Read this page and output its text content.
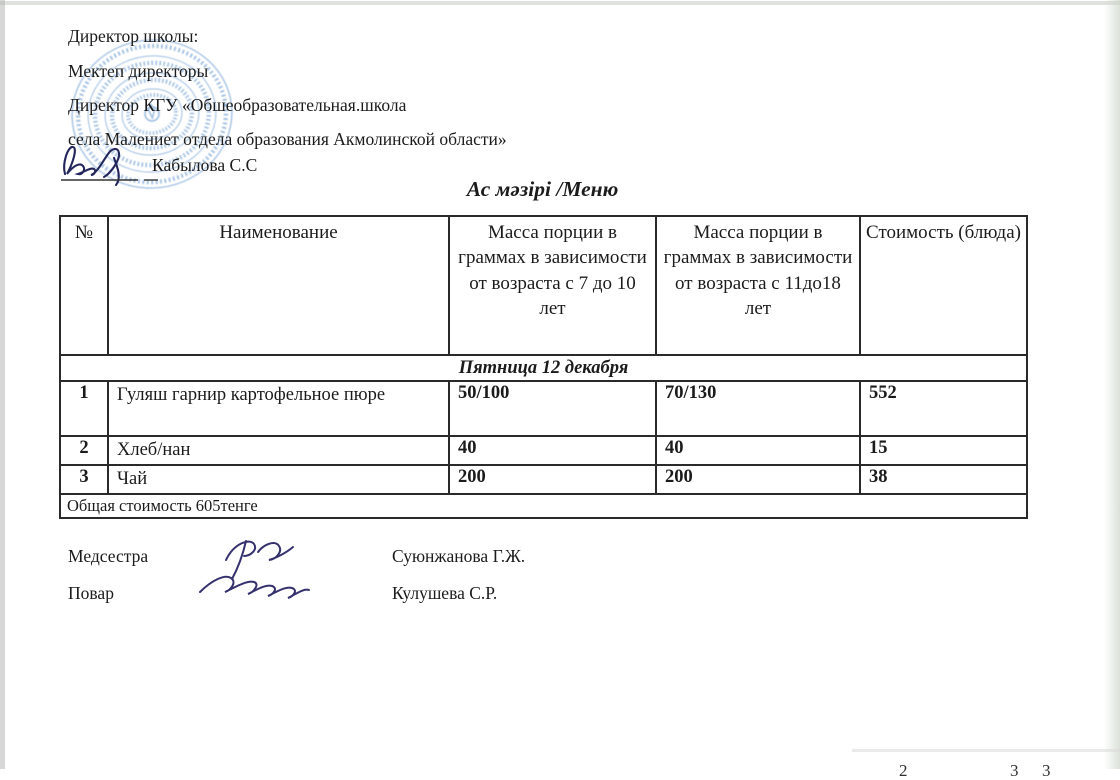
Директор школы:
Мектеп директоры
Директор КГУ «Обшеобразовательная.школа
села Малениет отдела образования Акмолинской области»
Кабылова С.С
Ас мәзірі /Меню
№	Наименование	Масса порции в граммах в зависимости от возраста с 7 до 10 лет	Масса порции в граммах в зависимости от возраста с 11до18 лет	Стоимость (блюда)
Пятница 12 декабря				
1	Гуляш гарнир картофельное пюре	50/100	70/130	552
2	Хлеб/нан	40	40	15
3	Чай	200	200	38
Общая стоимость 605тенге				
Медсестра
Повар
Суюнжанова Г.Ж.
Кулушева С.Р.
2	3 3
